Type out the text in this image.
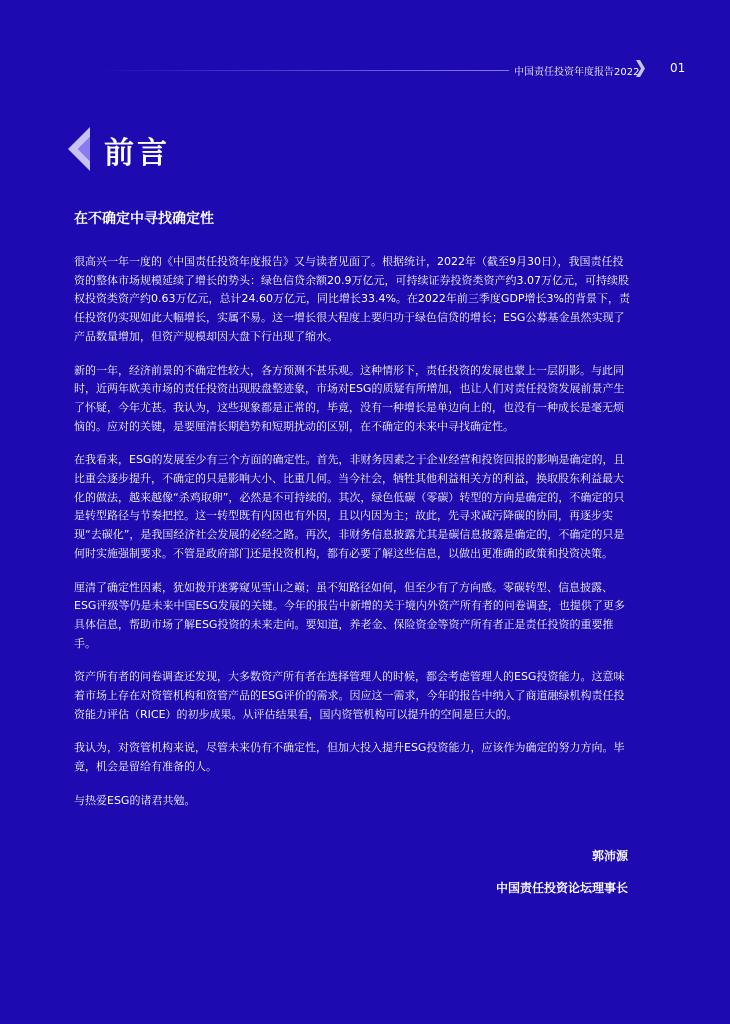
中国责任投资年度报告2022	01
前言
在不确定中寻找确定性

很高兴一年一度的《中国责任投资年度报告》又与读者见面了。根据统计，2022年（截至9月30日），我国责任投资的整体市场规模延续了增长的势头：绿色信贷余额20.9万亿元，可持续证券投资类资产约3.07万亿元，可持续股权投资类资产约0.63万亿元，总计24.60万亿元，同比增长33.4%。在2022年前三季度GDP增长3%的背景下，责任投资仍实现如此大幅增长，实属不易。这一增长很大程度上要归功于绿色信贷的增长；ESG公募基金虽然实现了产品数量增加，但资产规模却因大盘下行出现了缩水。

新的一年，经济前景的不确定性较大，各方预测不甚乐观。这种情形下，责任投资的发展也蒙上一层阴影。与此同时，近两年欧美市场的责任投资出现股盘整迹象，市场对ESG的质疑有所增加，也让人们对责任投资发展前景产生了怀疑，今年尤甚。我认为，这些现象都是正常的，毕竟，没有一种增长是单边向上的，也没有一种成长是毫无烦恼的。应对的关键，是要厘清长期趋势和短期扰动的区别，在不确定的未来中寻找确定性。

在我看来，ESG的发展至少有三个方面的确定性。首先，非财务因素之于企业经营和投资回报的影响是确定的，且比重会逐步提升，不确定的只是影响大小、比重几何。当今社会，牺牲其他利益相关方的利益，换取股东利益最大化的做法，越来越像“杀鸡取卵”，必然是不可持续的。其次，绿色低碳（零碳）转型的方向是确定的，不确定的只是转型路径与节奏把控。这一转型既有内因也有外因，且以内因为主；故此，先寻求减污降碳的协同，再逐步实现“去碳化”，是我国经济社会发展的必经之路。再次，非财务信息披露尤其是碳信息披露是确定的，不确定的只是何时实施强制要求。不管是政府部门还是投资机构，都有必要了解这些信息，以做出更准确的政策和投资决策。

厘清了确定性因素，犹如拨开迷雾窥见雪山之巅；虽不知路径如何，但至少有了方向感。零碳转型、信息披露、ESG评级等仍是未来中国ESG发展的关键。今年的报告中新增的关于境内外资产所有者的问卷调查，也提供了更多具体信息，帮助市场了解ESG投资的未来走向。要知道，养老金、保险资金等资产所有者正是责任投资的重要推手。

资产所有者的问卷调查还发现，大多数资产所有者在选择管理人的时候，都会考虑管理人的ESG投资能力。这意味着市场上存在对资管机构和资管产品的ESG评价的需求。因应这一需求，今年的报告中纳入了商道融绿机构责任投资能力评估（RICE）的初步成果。从评估结果看，国内资管机构可以提升的空间是巨大的。

我认为，对资管机构来说，尽管未来仍有不确定性，但加大投入提升ESG投资能力，应该作为确定的努力方向。毕竟，机会是留给有准备的人。

与热爱ESG的诸君共勉。

郭沛源
中国责任投资论坛理事长
